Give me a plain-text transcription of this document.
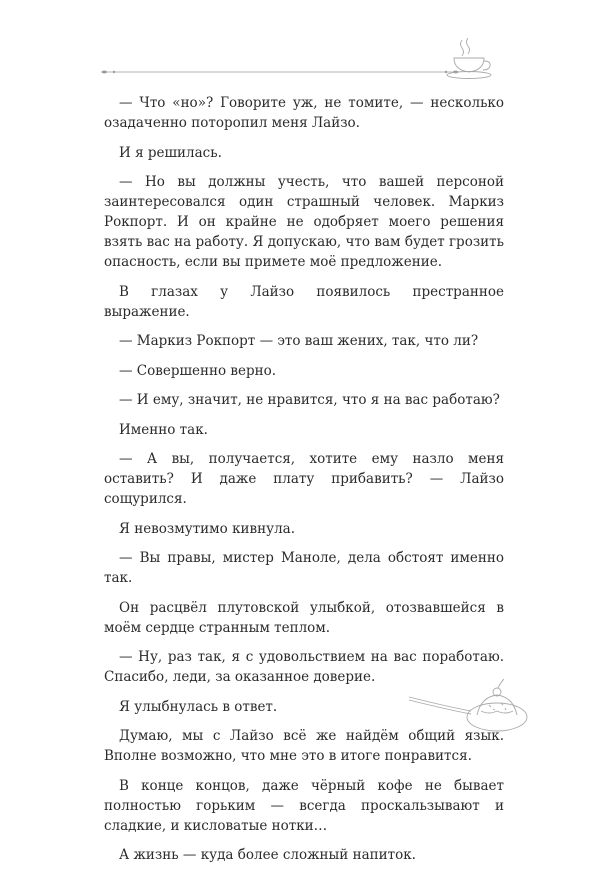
— Что «но»? Говорите уж, не томите, — несколько озадаченно поторопил меня Лайзо.

И я решилась.

— Но вы должны учесть, что вашей персоной заинтересовался один страшный человек. Маркиз Рокпорт. И он крайне не одобряет моего решения взять вас на работу. Я допускаю, что вам будет грозить опасность, если вы примете моё предложение.

В глазах у Лайзо появилось престранное выражение.

— Маркиз Рокпорт — это ваш жених, так, что ли?

— Совершенно верно.

— И ему, значит, не нравится, что я на вас работаю?

Именно так.

— А вы, получается, хотите ему назло меня оставить? И даже плату прибавить? — Лайзо сощурился.

Я невозмутимо кивнула.

— Вы правы, мистер Маноле, дела обстоят именно так.

Он расцвёл плутовской улыбкой, отозвавшейся в моём сердце странным теплом.

— Ну, раз так, я с удовольствием на вас поработаю. Спасибо, леди, за оказанное доверие.

Я улыбнулась в ответ.

Думаю, мы с Лайзо всё же найдём общий язык. Вполне возможно, что мне это в итоге понравится.

В конце концов, даже чёрный кофе не бывает полностью горьким — всегда проскальзывают и сладкие, и кисловатые нотки…

А жизнь — куда более сложный напиток.
